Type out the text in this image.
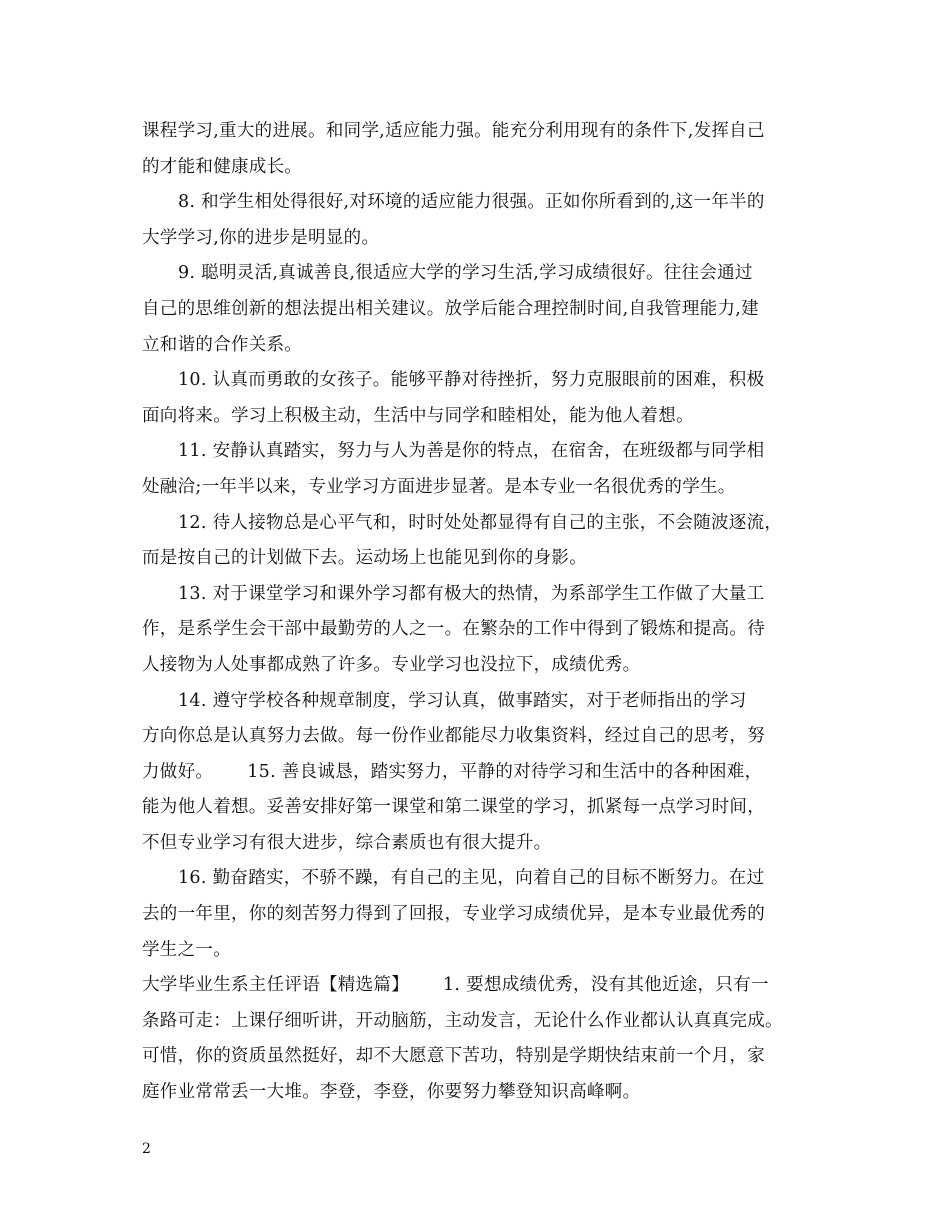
课程学习,重大的进展。和同学,适应能力强。能充分利用现有的条件下,发挥自己
的才能和健康成长。
8. 和学生相处得很好,对环境的适应能力很强。正如你所看到的,这一年半的
大学学习,你的进步是明显的。
9. 聪明灵活,真诚善良,很适应大学的学习生活,学习成绩很好。往往会通过
自己的思维创新的想法提出相关建议。放学后能合理控制时间,自我管理能力,建
立和谐的合作关系。
10. 认真而勇敢的女孩子。能够平静对待挫折，努力克服眼前的困难，积极
面向将来。学习上积极主动，生活中与同学和睦相处，能为他人着想。
11. 安静认真踏实，努力与人为善是你的特点，在宿舍，在班级都与同学相
处融洽;一年半以来，专业学习方面进步显著。是本专业一名很优秀的学生。
12. 待人接物总是心平气和，时时处处都显得有自己的主张，不会随波逐流，
而是按自己的计划做下去。运动场上也能见到你的身影。
13. 对于课堂学习和课外学习都有极大的热情，为系部学生工作做了大量工
作，是系学生会干部中最勤劳的人之一。在繁杂的工作中得到了锻炼和提高。待
人接物为人处事都成熟了许多。专业学习也没拉下，成绩优秀。
14. 遵守学校各种规章制度，学习认真，做事踏实，对于老师指出的学习
方向你总是认真努力去做。每一份作业都能尽力收集资料，经过自己的思考，努
力做好。 15. 善良诚恳，踏实努力，平静的对待学习和生活中的各种困难，
能为他人着想。妥善安排好第一课堂和第二课堂的学习，抓紧每一点学习时间，
不但专业学习有很大进步，综合素质也有很大提升。
16. 勤奋踏实，不骄不躁，有自己的主见，向着自己的目标不断努力。在过
去的一年里，你的刻苦努力得到了回报，专业学习成绩优异，是本专业最优秀的
学生之一。
大学毕业生系主任评语【精选篇】 1. 要想成绩优秀，没有其他近途，只有一
条路可走：上课仔细听讲，开动脑筋，主动发言，无论什么作业都认认真真完成。
可惜，你的资质虽然挺好，却不大愿意下苦功，特别是学期快结束前一个月，家
庭作业常常丢一大堆。李登，李登，你要努力攀登知识高峰啊。
2
